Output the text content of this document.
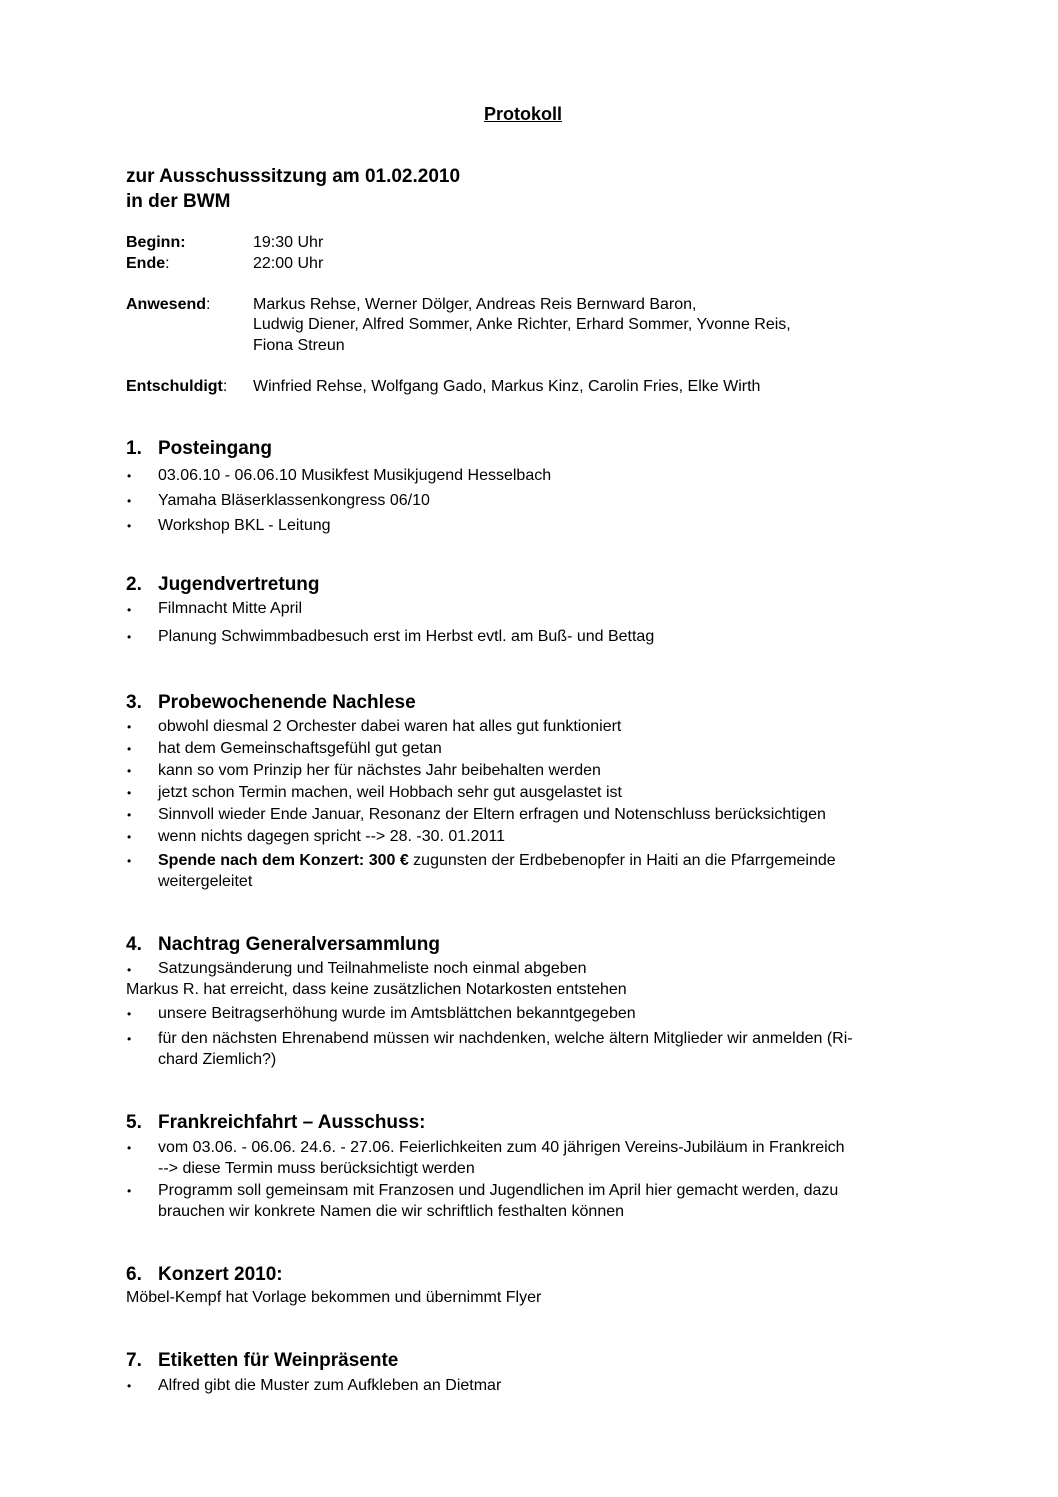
Protokoll
zur Ausschusssitzung am 01.02.2010
in der BWM
Beginn:	19:30 Uhr
Ende:	22:00 Uhr
Anwesend:	Markus Rehse, Werner Dölger, Andreas Reis Bernward Baron,
Ludwig Diener, Alfred Sommer, Anke Richter, Erhard Sommer, Yvonne Reis,
Fiona Streun
Entschuldigt: Winfried Rehse, Wolfgang Gado, Markus Kinz, Carolin Fries, Elke Wirth
1. Posteingang
• 03.06.10 - 06.06.10 Musikfest Musikjugend Hesselbach
• Yamaha Bläserklassenkongress 06/10
• Workshop BKL - Leitung
2. Jugendvertretung
• Filmnacht Mitte April
• Planung Schwimmbadbesuch erst im Herbst evtl. am Buß- und Bettag
3. Probewochenende Nachlese
• obwohl diesmal 2 Orchester dabei waren hat alles gut funktioniert
• hat dem Gemeinschaftsgefühl gut getan
• kann so vom Prinzip her für nächstes Jahr beibehalten werden
• jetzt schon Termin machen, weil Hobbach sehr gut ausgelastet ist
• Sinnvoll wieder Ende Januar, Resonanz der Eltern erfragen und Notenschluss berücksichtigen
• wenn nichts dagegen spricht --> 28. -30. 01.2011
• Spende nach dem Konzert: 300 € zugunsten der Erdbebenopfer in Haiti an die Pfarrgemeinde
weitergeleitet
4. Nachtrag Generalversammlung
• Satzungsänderung und Teilnahmeliste noch einmal abgeben
Markus R. hat erreicht, dass keine zusätzlichen Notarkosten entstehen
• unsere Beitragserhöhung wurde im Amtsblättchen bekanntgegeben
• für den nächsten Ehrenabend müssen wir nachdenken, welche ältern Mitglieder wir anmelden (Ri-
chard Ziemlich?)
5. Frankreichfahrt – Ausschuss:
• vom 03.06. - 06.06. 24.6. - 27.06. Feierlichkeiten zum 40 jährigen Vereins-Jubiläum in Frankreich
--> diese Termin muss berücksichtigt werden
• Programm soll gemeinsam mit Franzosen und Jugendlichen im April hier gemacht werden, dazu
brauchen wir konkrete Namen die wir schriftlich festhalten können
6. Konzert 2010:
Möbel-Kempf hat Vorlage bekommen und übernimmt Flyer
7. Etiketten für Weinpräsente
• Alfred gibt die Muster zum Aufkleben an Dietmar
